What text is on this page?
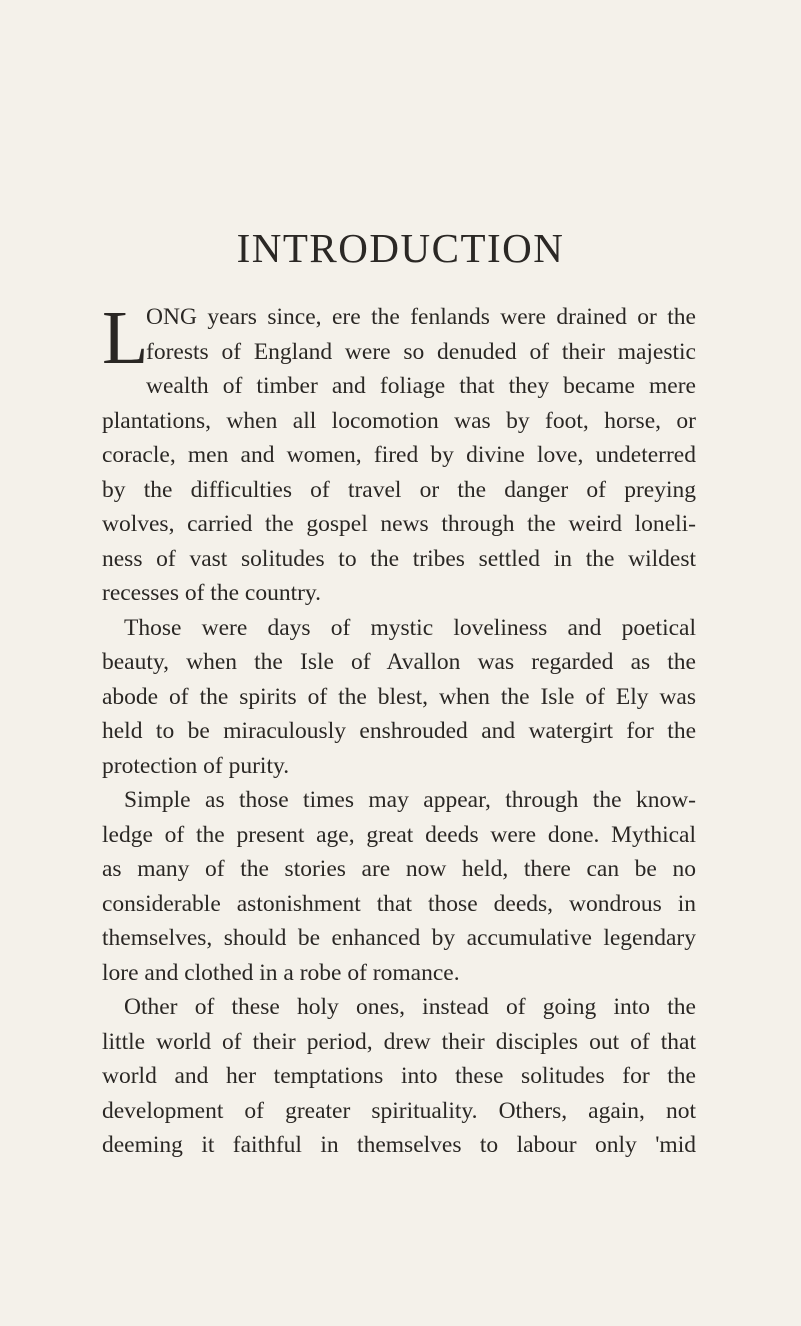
INTRODUCTION
L
ONG years since, ere the fenlands were drained or the
forests of England were so denuded of their majestic
wealth of timber and foliage that they became mere
plantations, when all locomotion was by foot, horse, or
coracle, men and women, fired by divine love, undeterred
by the difficulties of travel or the danger of preying
wolves, carried the gospel news through the weird loneli-
ness of vast solitudes to the tribes settled in the wildest
recesses of the country.
Those were days of mystic loveliness and poetical
beauty, when the Isle of Avallon was regarded as the
abode of the spirits of the blest, when the Isle of Ely was
held to be miraculously enshrouded and watergirt for the
protection of purity.
Simple as those times may appear, through the know-
ledge of the present age, great deeds were done. Mythical
as many of the stories are now held, there can be no
considerable astonishment that those deeds, wondrous in
themselves, should be enhanced by accumulative legendary
lore and clothed in a robe of romance.
Other of these holy ones, instead of going into the
little world of their period, drew their disciples out of that
world and her temptations into these solitudes for the
development of greater spirituality. Others, again, not
deeming it faithful in themselves to labour only 'mid
